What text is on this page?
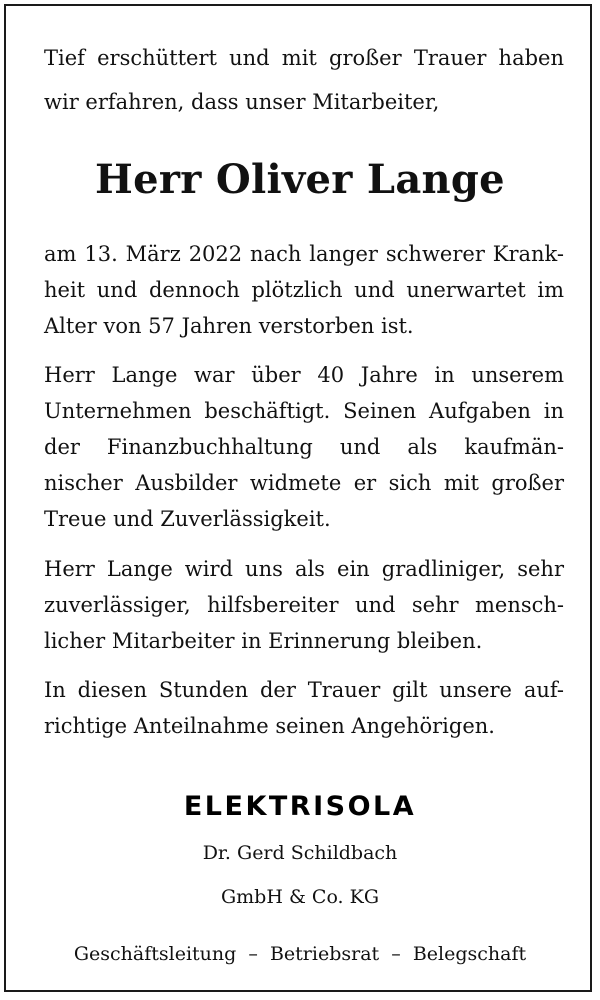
Tief erschüttert und mit großer Trauer haben
wir erfahren, dass unser Mitarbeiter,
Herr Oliver Lange
am 13. März 2022 nach langer schwerer Krank-
heit und dennoch plötzlich und unerwartet im
Alter von 57 Jahren verstorben ist.
Herr Lange war über 40 Jahre in unserem
Unternehmen beschäftigt. Seinen Aufgaben in
der Finanzbuchhaltung und als kaufmän-
nischer Ausbilder widmete er sich mit großer
Treue und Zuverlässigkeit.
Herr Lange wird uns als ein gradliniger, sehr
zuverlässiger, hilfsbereiter und sehr mensch-
licher Mitarbeiter in Erinnerung bleiben.
In diesen Stunden der Trauer gilt unsere auf-
richtige Anteilnahme seinen Angehörigen.
ELEKTRISOLA
Dr. Gerd Schildbach
GmbH & Co. KG
Geschäftsleitung  –  Betriebsrat  –  Belegschaft
